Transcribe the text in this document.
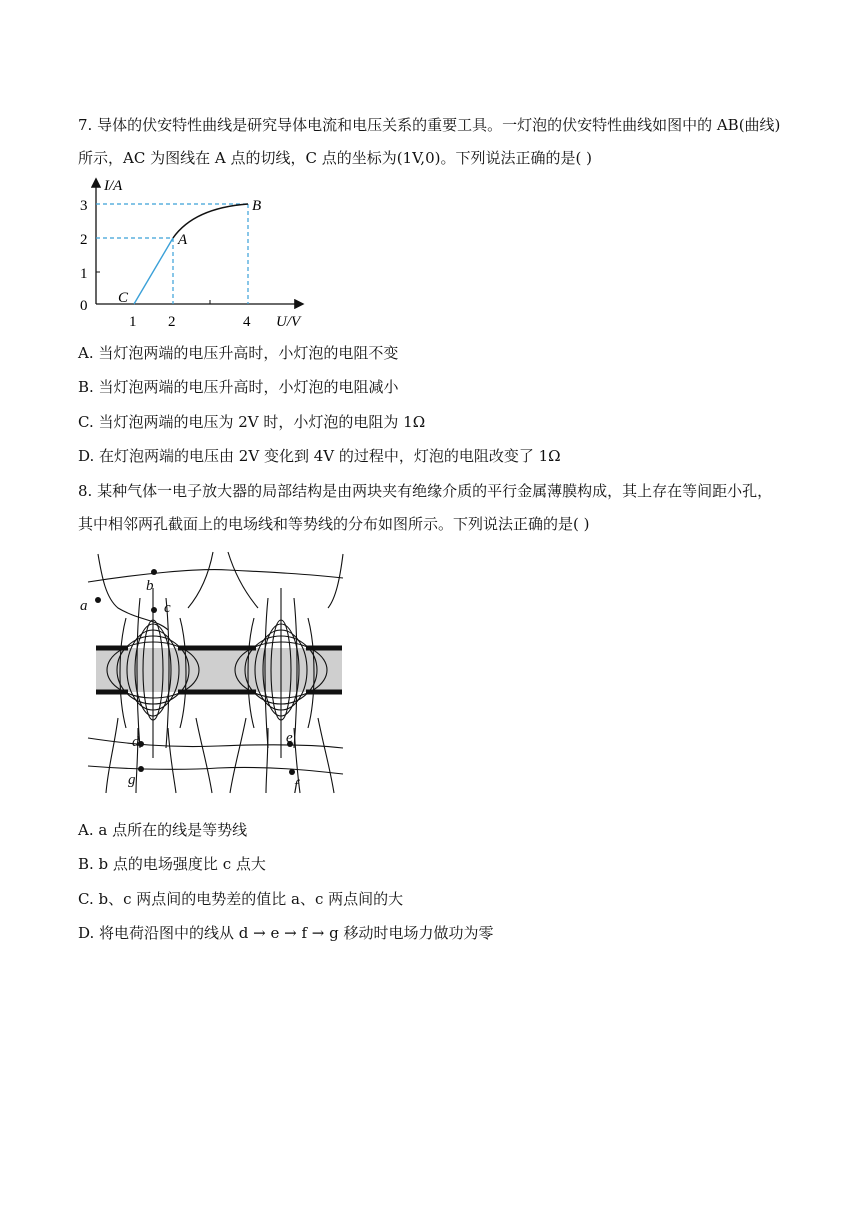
7. 导体的伏安特性曲线是研究导体电流和电压关系的重要工具。一灯泡的伏安特性曲线如图中的 AB(曲线)
所示，AC 为图线在 A 点的切线，C 点的坐标为(1V,0)。下列说法正确的是( )
I/A
U/V
0
1
2
3
1 2	4
A
B
C
A. 当灯泡两端的电压升高时，小灯泡的电阻不变
B. 当灯泡两端的电压升高时，小灯泡的电阻减小
C. 当灯泡两端的电压为 2V 时，小灯泡的电阻为 1Ω
D. 在灯泡两端的电压由 2V 变化到 4V 的过程中，灯泡的电阻改变了 1Ω
8. 某种气体一电子放大器的局部结构是由两块夹有绝缘介质的平行金属薄膜构成，其上存在等间距小孔，
其中相邻两孔截面上的电场线和等势线的分布如图所示。下列说法正确的是( )
a
b
c
d	e
f
g
A. a 点所在的线是等势线
B. b 点的电场强度比 c 点大
C. b、c 两点间的电势差的值比 a、c 两点间的大
D. 将电荷沿图中的线从 d → e → f → g 移动时电场力做功为零
